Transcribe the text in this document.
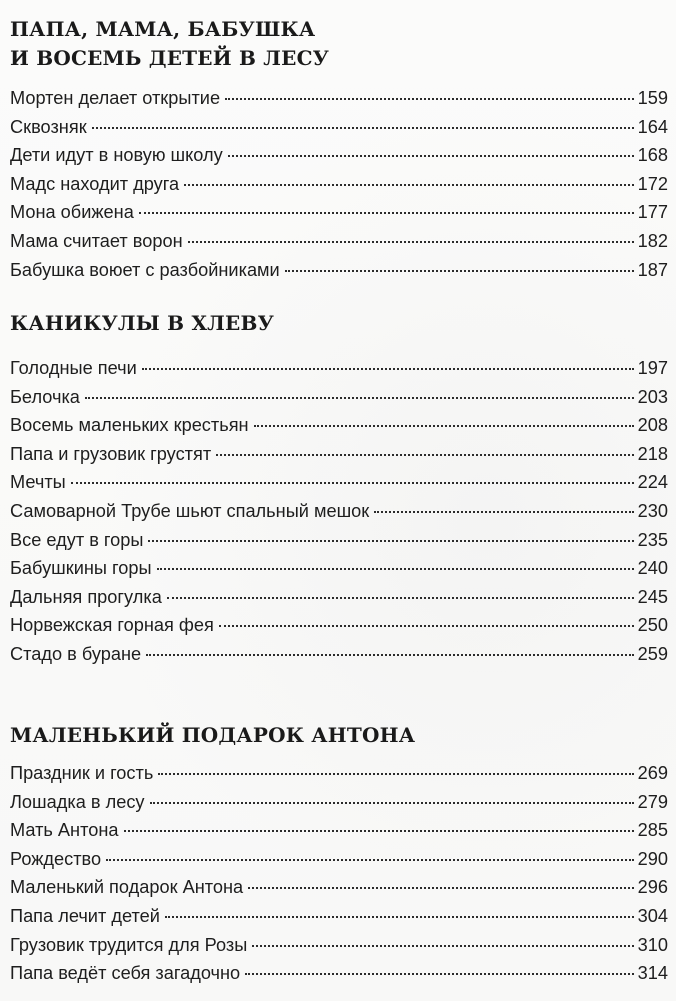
ПАПА, МАМА, БАБУШКА
И ВОСЕМЬ ДЕТЕЙ В ЛЕСУ
Мортен делает открытие	159
Сквозняк	164
Дети идут в новую школу	168
Мадс находит друга	172
Мона обижена	177
Мама считает ворон	182
Бабушка воюет с разбойниками	187
КАНИКУЛЫ В ХЛЕВУ
Голодные печи	197
Белочка	203
Восемь маленьких крестьян	208
Папа и грузовик грустят	218
Мечты	224
Самоварной Трубе шьют спальный мешок	230
Все едут в горы	235
Бабушкины горы	240
Дальняя прогулка	245
Норвежская горная фея	250
Стадо в буране	259
МАЛЕНЬКИЙ ПОДАРОК АНТОНА
Праздник и гость	269
Лошадка в лесу	279
Мать Антона	285
Рождество	290
Маленький подарок Антона	296
Папа лечит детей	304
Грузовик трудится для Розы	310
Папа ведёт себя загадочно	314
